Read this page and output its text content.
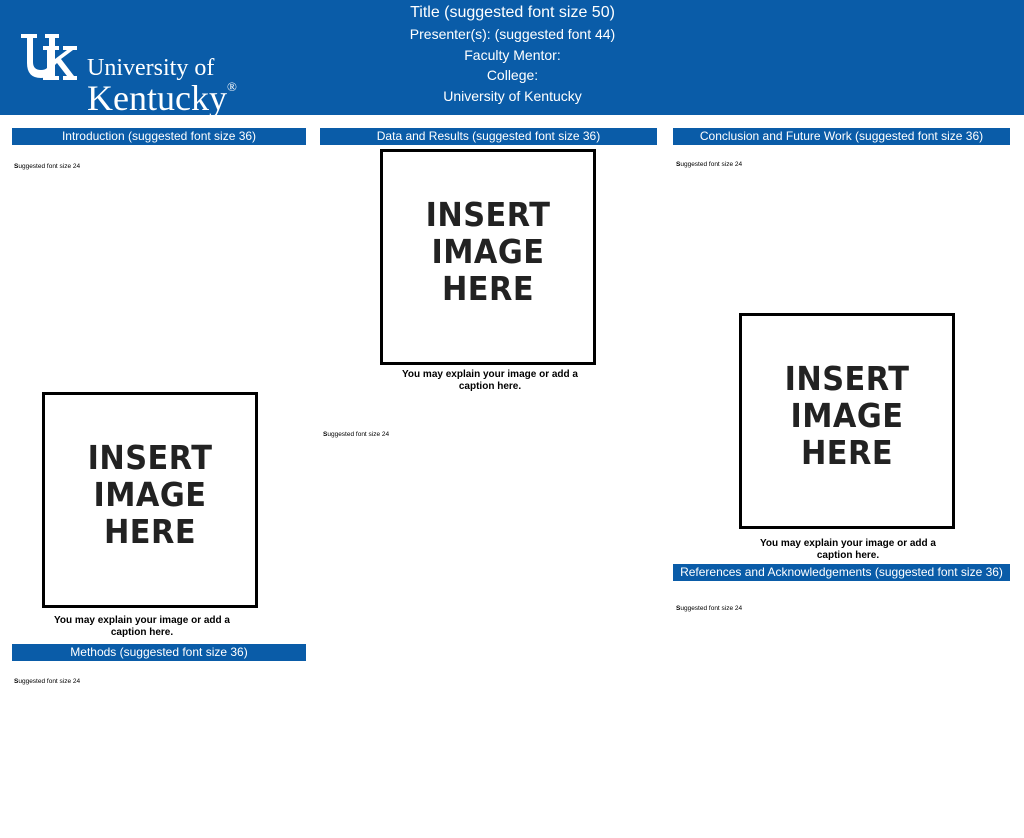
University of
Kentucky®
Title (suggested font size 50)
Presenter(s): (suggested font 44)
Faculty Mentor:
College:
University of Kentucky
Introduction (suggested font size 36)
Suggested font size 24
INSERT
IMAGE
HERE
You may explain your image or add a
caption here.
Methods (suggested font size 36)
Suggested font size 24
Data and Results (suggested font size 36)
INSERT
IMAGE
HERE
You may explain your image or add a
caption here.
Suggested font size 24
Conclusion and Future Work (suggested font size 36)
Suggested font size 24
INSERT
IMAGE
HERE
You may explain your image or add a
caption here.
References and Acknowledgements (suggested font size 36)
Suggested font size 24
